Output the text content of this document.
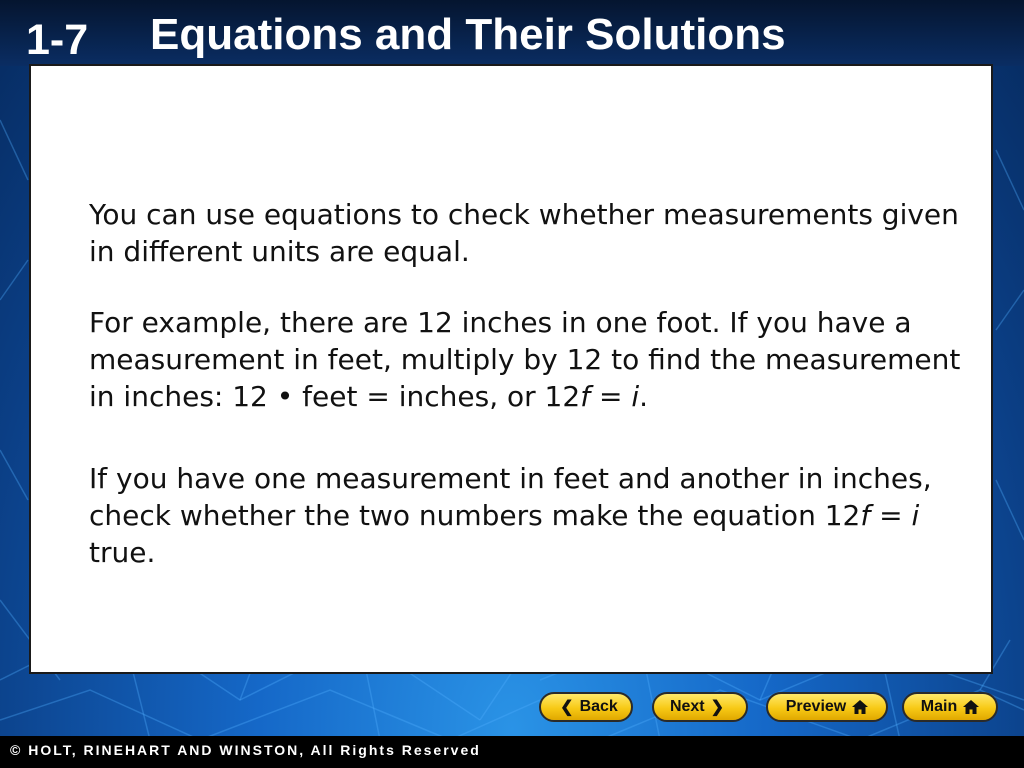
1-7 Equations and Their Solutions
You can use equations to check whether measurements given in different units are equal.
For example, there are 12 inches in one foot. If you have a measurement in feet, multiply by 12 to find the measurement in inches: 12 • feet = inches, or 12f = i.
If you have one measurement in feet and another in inches, check whether the two numbers make the equation 12f = i true.
❮ Back	Next ❯	Preview	Main
© HOLT, RINEHART AND WINSTON, All Rights Reserved
